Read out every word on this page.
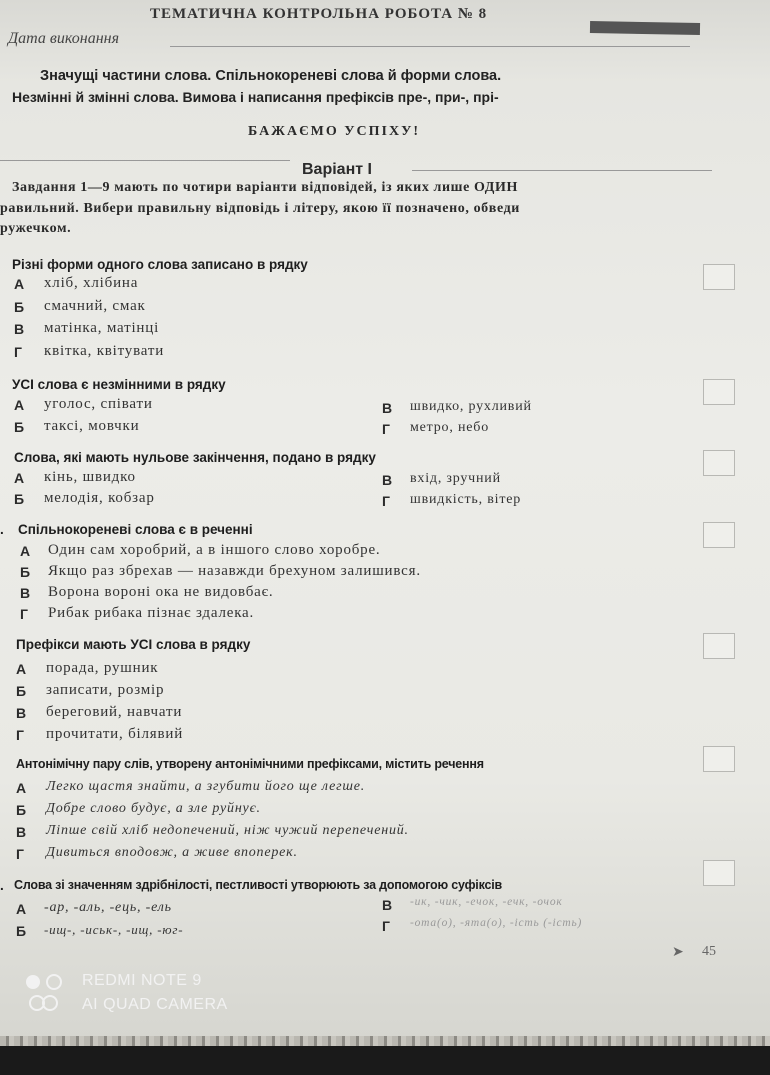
ТЕМАТИЧНА КОНТРОЛЬНА РОБОТА № 8
Дата виконання
Значущі частини слова. Спільнокореневі слова й форми слова.
Незмінні й змінні слова. Вимова і написання префіксів пре-, при-, прі-
БАЖАЄМО УСПІХУ!
Варіант І
Завдання 1—9 мають по чотири варіанти відповідей, із яких лише ОДИН
равильний. Вибери правильну відповідь і літеру, якою її позначено, обведи
ружечком.
Різні форми одного слова записано в рядку
А хліб, хлібина
Б смачний, смак
В матінка, матінці
Г квітка, квітувати
УСІ слова є незмінними в рядку
А уголос, співати
Б таксі, мовчки
В швидко, рухливий
Г метро, небо
Слова, які мають нульове закінчення, подано в рядку
А кінь, швидко
Б мелодія, кобзар
В вхід, зручний
Г швидкість, вітер
. Спільнокореневі слова є в реченні
А Один сам хоробрий, а в іншого слово хоробре.
Б Якщо раз збрехав — назавжди брехуном залишився.
В Ворона вороні ока не видовбає.
Г Рибак рибака пізнає здалека.
Префікси мають УСІ слова в рядку
А порада, рушник
Б записати, розмір
В береговий, навчати
Г прочитати, білявий
Антонімічну пару слів, утворену антонімічними префіксами, містить речення
А Легко щастя знайти, а згубити його ще легше.
Б Добре слово будує, а зле руйнує.
В Ліпше свій хліб недопечений, ніж чужий перепечений.
Г Дивиться вподовж, а живе впоперек.
. Слова зі значенням здрібнілості, пестливості утворюють за допомогою суфіксів
А -ар, -аль, -ець, -ель
Б -ищ-, -иськ-, -ищ, -юг-
В -ик, -чик, -ечок, -ечк, -очок
Г -ота(о), -ята(о), -ість (-ість)
➤ 45
REDMI NOTE 9
AI QUAD CAMERA
